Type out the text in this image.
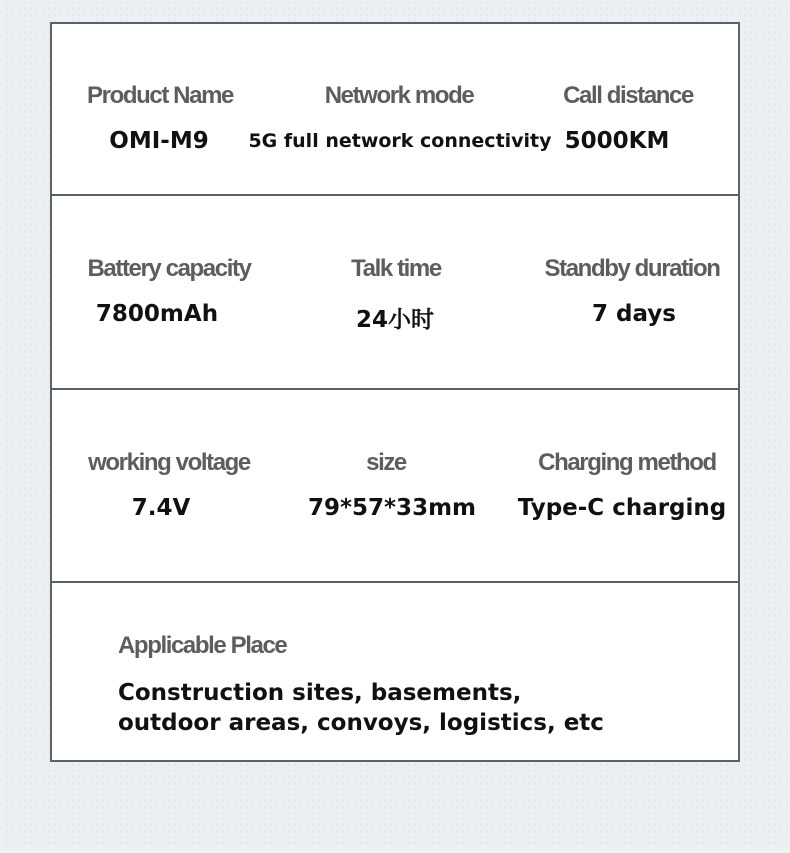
Product Name
OMI-M9
Network mode
5G full network connectivity
Call distance
5000KM
Battery capacity
7800mAh
Talk time
24小时
Standby duration
7 days
working voltage
7.4V
size
79*57*33mm
Charging method
Type-C charging
Applicable Place
Construction sites, basements,
outdoor areas, convoys, logistics, etc
